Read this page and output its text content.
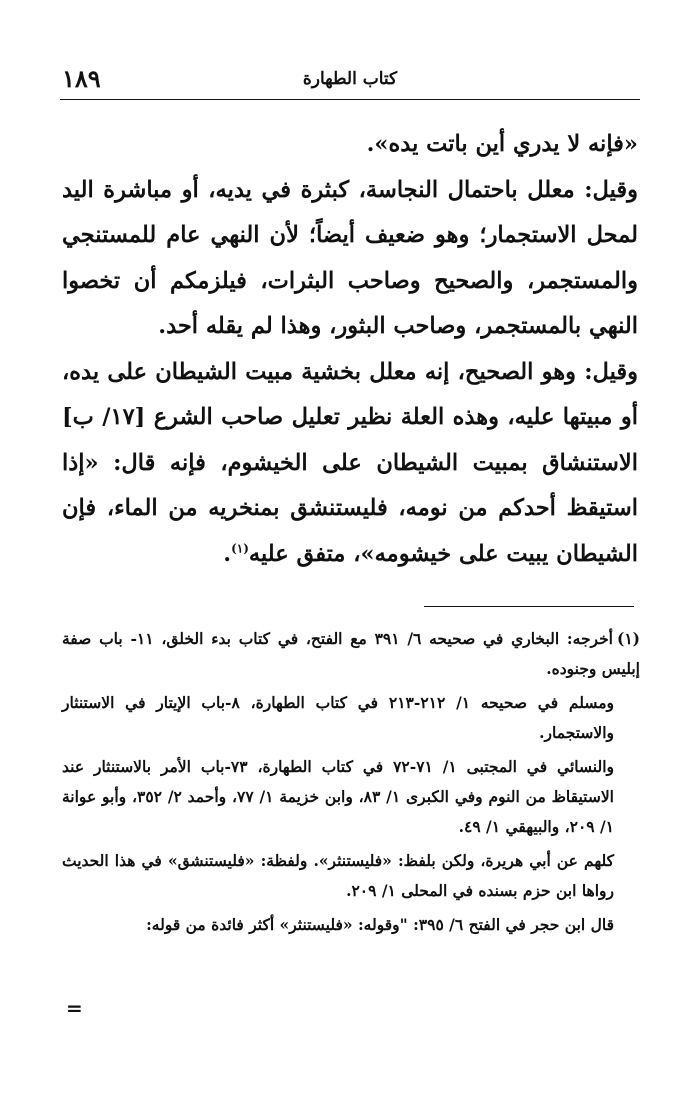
١٨٩	كتاب الطهارة

«فإنه لا يدري أين باتت يده».

وقيل: معلل باحتمال النجاسة، كبثرة في يديه، أو مباشرة اليد لمحل الاستجمار؛ وهو ضعيف أيضاً؛ لأن النهي عام للمستنجي والمستجمر، والصحيح وصاحب البثرات، فيلزمكم أن تخصوا النهي بالمستجمر، وصاحب البثور، وهذا لم يقله أحد.

وقيل: وهو الصحيح، إنه معلل بخشية مبيت الشيطان على يده، أو مبيتها عليه، وهذه العلة نظير تعليل صاحب الشرع [١٧/ ب] الاستنشاق بمبيت الشيطان على الخيشوم، فإنه قال: «إذا استيقظ أحدكم من نومه، فليستنشق بمنخريه من الماء، فإن الشيطان يبيت على خيشومه»، متفق عليه$^{(١)}$.

(١)أخرجه: البخاري في صحيحه ٦/ ٣٩١ مع الفتح، في كتاب بدء الخلق، ١١- باب صفة إبليس وجنوده.

ومسلم في صحيحه ١/ ٢١٢-٢١٣ في كتاب الطهارة، ٨-باب الإيتار في الاستنثار والاستجمار.

والنسائي في المجتبى ١/ ٧١-٧٢ في كتاب الطهارة، ٧٣-باب الأمر بالاستنثار عند الاستيقاظ من النوم وفي الكبرى ١/ ٨٣، وابن خزيمة ١/ ٧٧، وأحمد ٢/ ٣٥٢، وأبو عوانة ١/ ٢٠٩، والبيهقي ١/ ٤٩.

كلهم عن أبي هريرة، ولكن بلفظ: «فليستنثر». ولفظة: «فليستنشق» في هذا الحديث رواها ابن حزم بسنده في المحلى ١/ ٢٠٩.

قال ابن حجر في الفتح ٦/ ٣٩٥: "وقوله: «فليستنثر» أكثر فائدة من قوله:

=
